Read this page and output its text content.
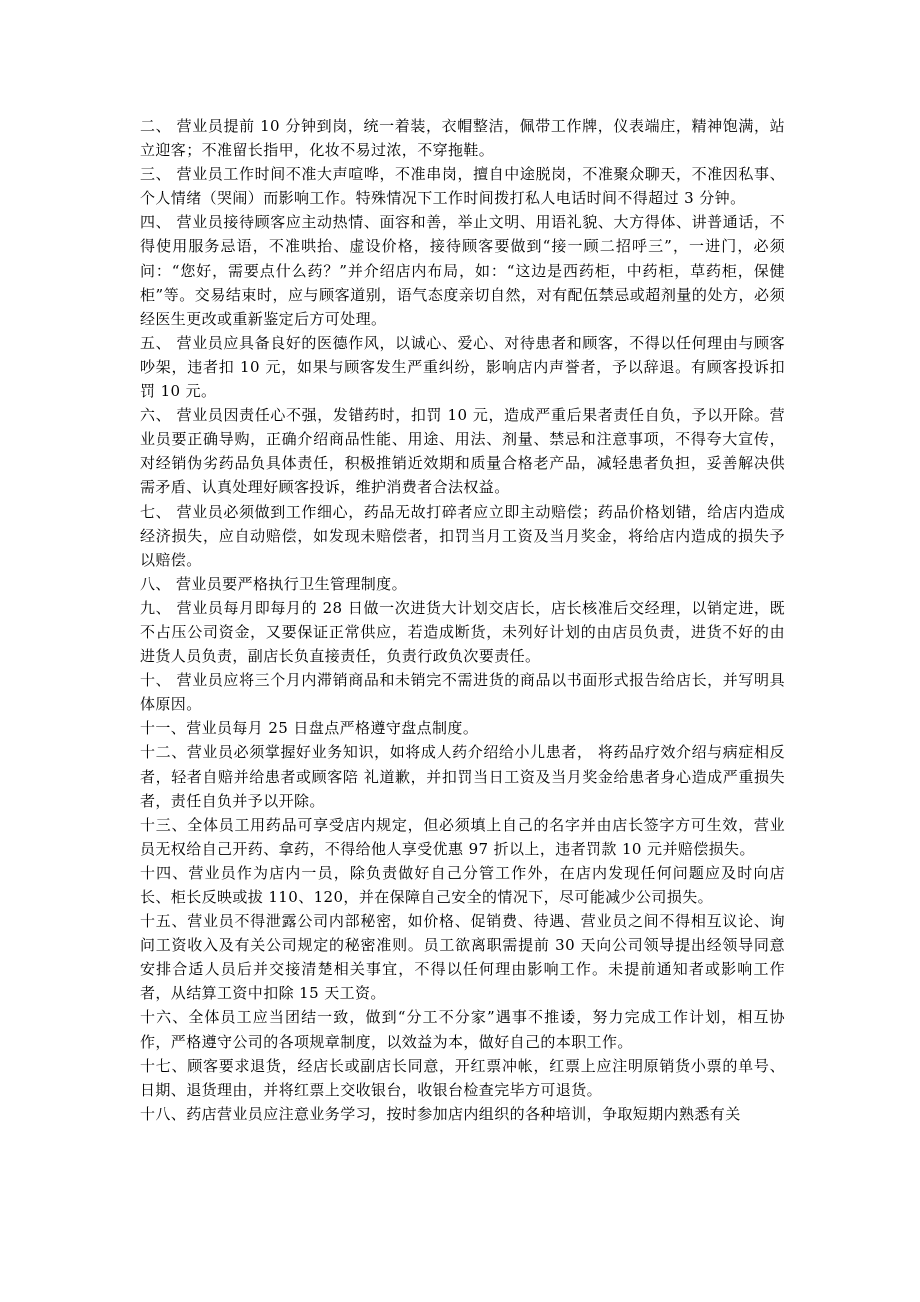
二、 营业员提前 10 分钟到岗，统一着装，衣帽整洁，佩带工作牌，仪表端庄，精神饱满，站立迎客；不准留长指甲，化妆不易过浓，不穿拖鞋。

三、 营业员工作时间不准大声喧哗，不准串岗，擅自中途脱岗，不准聚众聊天，不准因私事、个人情绪（哭闹）而影响工作。特殊情况下工作时间拨打私人电话时间不得超过 3 分钟。

四、 营业员接待顾客应主动热情、面容和善，举止文明、用语礼貌、大方得体、讲普通话，不得使用服务忌语，不准哄抬、虚设价格，接待顾客要做到“接一顾二招呼三”，一进门，必须问：“您好，需要点什么药？”并介绍店内布局，如：“这边是西药柜，中药柜，草药柜，保健柜”等。交易结束时，应与顾客道别，语气态度亲切自然，对有配伍禁忌或超剂量的处方，必须经医生更改或重新鉴定后方可处理。

五、 营业员应具备良好的医德作风，以诚心、爱心、对待患者和顾客，不得以任何理由与顾客吵架，违者扣 10 元，如果与顾客发生严重纠纷，影响店内声誉者，予以辞退。有顾客投诉扣罚 10 元。

六、 营业员因责任心不强，发错药时，扣罚 10 元，造成严重后果者责任自负，予以开除。营业员要正确导购，正确介绍商品性能、用途、用法、剂量、禁忌和注意事项，不得夸大宣传，对经销伪劣药品负具体责任，积极推销近效期和质量合格老产品，减轻患者负担，妥善解决供需矛盾、认真处理好顾客投诉，维护消费者合法权益。

七、 营业员必须做到工作细心，药品无故打碎者应立即主动赔偿；药品价格划错，给店内造成经济损失，应自动赔偿，如发现未赔偿者，扣罚当月工资及当月奖金，将给店内造成的损失予以赔偿。

八、 营业员要严格执行卫生管理制度。

九、 营业员每月即每月的 28 日做一次进货大计划交店长，店长核准后交经理，以销定进，既不占压公司资金，又要保证正常供应，若造成断货，未列好计划的由店员负责，进货不好的由进货人员负责，副店长负直接责任，负责行政负次要责任。

十、 营业员应将三个月内滞销商品和未销完不需进货的商品以书面形式报告给店长，并写明具体原因。

十一、营业员每月 25 日盘点严格遵守盘点制度。

十二、营业员必须掌握好业务知识，如将成人药介绍给小儿患者， 将药品疗效介绍与病症相反者，轻者自赔并给患者或顾客陪 礼道歉，并扣罚当日工资及当月奖金给患者身心造成严重损失者，责任自负并予以开除。

十三、全体员工用药品可享受店内规定，但必须填上自己的名字并由店长签字方可生效，营业员无权给自己开药、拿药，不得给他人享受优惠 97 折以上，违者罚款 10 元并赔偿损失。

十四、营业员作为店内一员，除负责做好自己分管工作外，在店内发现任何问题应及时向店长、柜长反映或拔 110、120，并在保障自己安全的情况下，尽可能减少公司损失。

十五、营业员不得泄露公司内部秘密，如价格、促销费、待遇、营业员之间不得相互议论、询问工资收入及有关公司规定的秘密准则。员工欲离职需提前 30 天向公司领导提出经领导同意安排合适人员后并交接清楚相关事宜，不得以任何理由影响工作。未提前通知者或影响工作者，从结算工资中扣除 15 天工资。

十六、全体员工应当团结一致，做到“分工不分家”遇事不推诿，努力完成工作计划，相互协作，严格遵守公司的各项规章制度，以效益为本，做好自己的本职工作。

十七、顾客要求退货，经店长或副店长同意，开红票冲帐，红票上应注明原销货小票的单号、日期、退货理由，并将红票上交收银台，收银台检查完毕方可退货。

十八、药店营业员应注意业务学习，按时参加店内组织的各种培训，争取短期内熟悉有关
